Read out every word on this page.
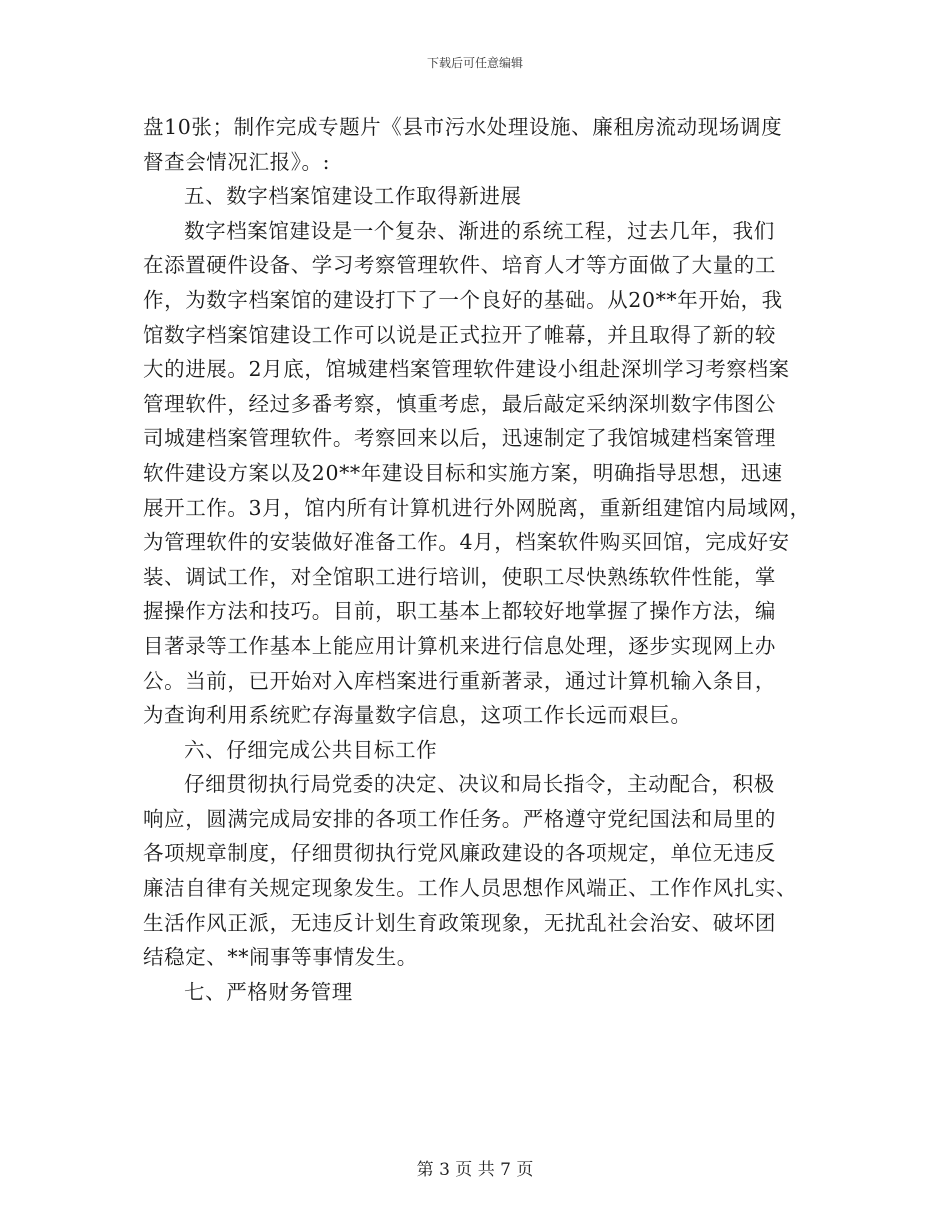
下载后可任意编辑
盘10张；制作完成专题片《县市污水处理设施、廉租房流动现场调度
督查会情况汇报》。:
五、数字档案馆建设工作取得新进展
数字档案馆建设是一个复杂、渐进的系统工程，过去几年，我们
在添置硬件设备、学习考察管理软件、培育人才等方面做了大量的工
作，为数字档案馆的建设打下了一个良好的基础。从20**年开始，我
馆数字档案馆建设工作可以说是正式拉开了帷幕，并且取得了新的较
大的进展。2月底，馆城建档案管理软件建设小组赴深圳学习考察档案
管理软件，经过多番考察，慎重考虑，最后敲定采纳深圳数字伟图公
司城建档案管理软件。考察回来以后，迅速制定了我馆城建档案管理
软件建设方案以及20**年建设目标和实施方案，明确指导思想，迅速
展开工作。3月，馆内所有计算机进行外网脱离，重新组建馆内局域网，
为管理软件的安装做好准备工作。4月，档案软件购买回馆，完成好安
装、调试工作，对全馆职工进行培训，使职工尽快熟练软件性能，掌
握操作方法和技巧。目前，职工基本上都较好地掌握了操作方法，编
目著录等工作基本上能应用计算机来进行信息处理，逐步实现网上办
公。当前，已开始对入库档案进行重新著录，通过计算机输入条目，
为查询利用系统贮存海量数字信息，这项工作长远而艰巨。
六、仔细完成公共目标工作
仔细贯彻执行局党委的决定、决议和局长指令，主动配合，积极
响应，圆满完成局安排的各项工作任务。严格遵守党纪国法和局里的
各项规章制度，仔细贯彻执行党风廉政建设的各项规定，单位无违反
廉洁自律有关规定现象发生。工作人员思想作风端正、工作作风扎实、
生活作风正派，无违反计划生育政策现象，无扰乱社会治安、破坏团
结稳定、**闹事等事情发生。
七、严格财务管理
第 3 页 共 7 页
